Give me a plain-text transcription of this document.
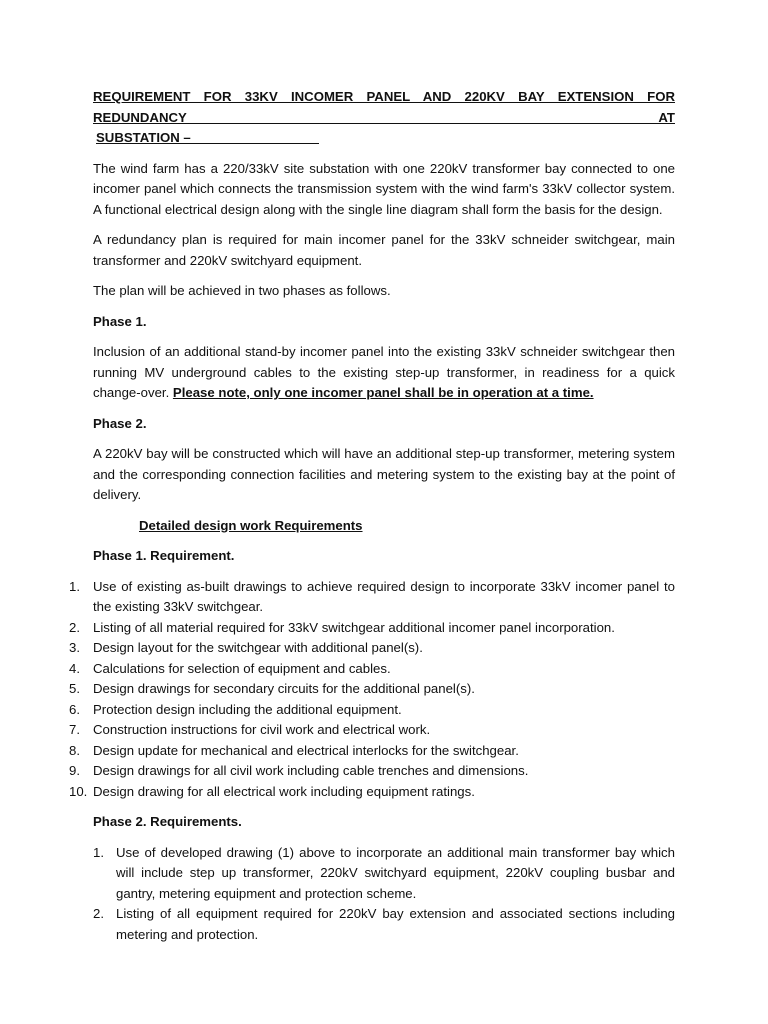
REQUIREMENT FOR 33KV INCOMER PANEL AND 220KV BAY EXTENSION FOR REDUNDANCY AT

SUBSTATION –

The wind farm has a 220/33kV site substation with one 220kV transformer bay connected to one incomer panel which connects the transmission system with the wind farm's 33kV collector system. A functional electrical design along with the single line diagram shall form the basis for the design.

A redundancy plan is required for main incomer panel for the 33kV schneider switchgear, main transformer and 220kV switchyard equipment.

The plan will be achieved in two phases as follows.

Phase 1.

Inclusion of an additional stand-by incomer panel into the existing 33kV schneider switchgear then running MV underground cables to the existing step-up transformer, in readiness for a quick change-over. Please note, only one incomer panel shall be in operation at a time.

Phase 2.

A 220kV bay will be constructed which will have an additional step-up transformer, metering system and the corresponding connection facilities and metering system to the existing bay at the point of delivery.

Detailed design work Requirements

Phase 1. Requirement.

1. Use of existing as-built drawings to achieve required design to incorporate 33kV incomer panel to the existing 33kV switchgear.
2. Listing of all material required for 33kV switchgear additional incomer panel incorporation.
3. Design layout for the switchgear with additional panel(s).
4. Calculations for selection of equipment and cables.
5. Design drawings for secondary circuits for the additional panel(s).
6. Protection design including the additional equipment.
7. Construction instructions for civil work and electrical work.
8. Design update for mechanical and electrical interlocks for the switchgear.
9. Design drawings for all civil work including cable trenches and dimensions.
10. Design drawing for all electrical work including equipment ratings.

Phase 2. Requirements.

1. Use of developed drawing (1) above to incorporate an additional main transformer bay which will include step up transformer, 220kV switchyard equipment, 220kV coupling busbar and gantry, metering equipment and protection scheme.
2. Listing of all equipment required for 220kV bay extension and associated sections including metering and protection.
